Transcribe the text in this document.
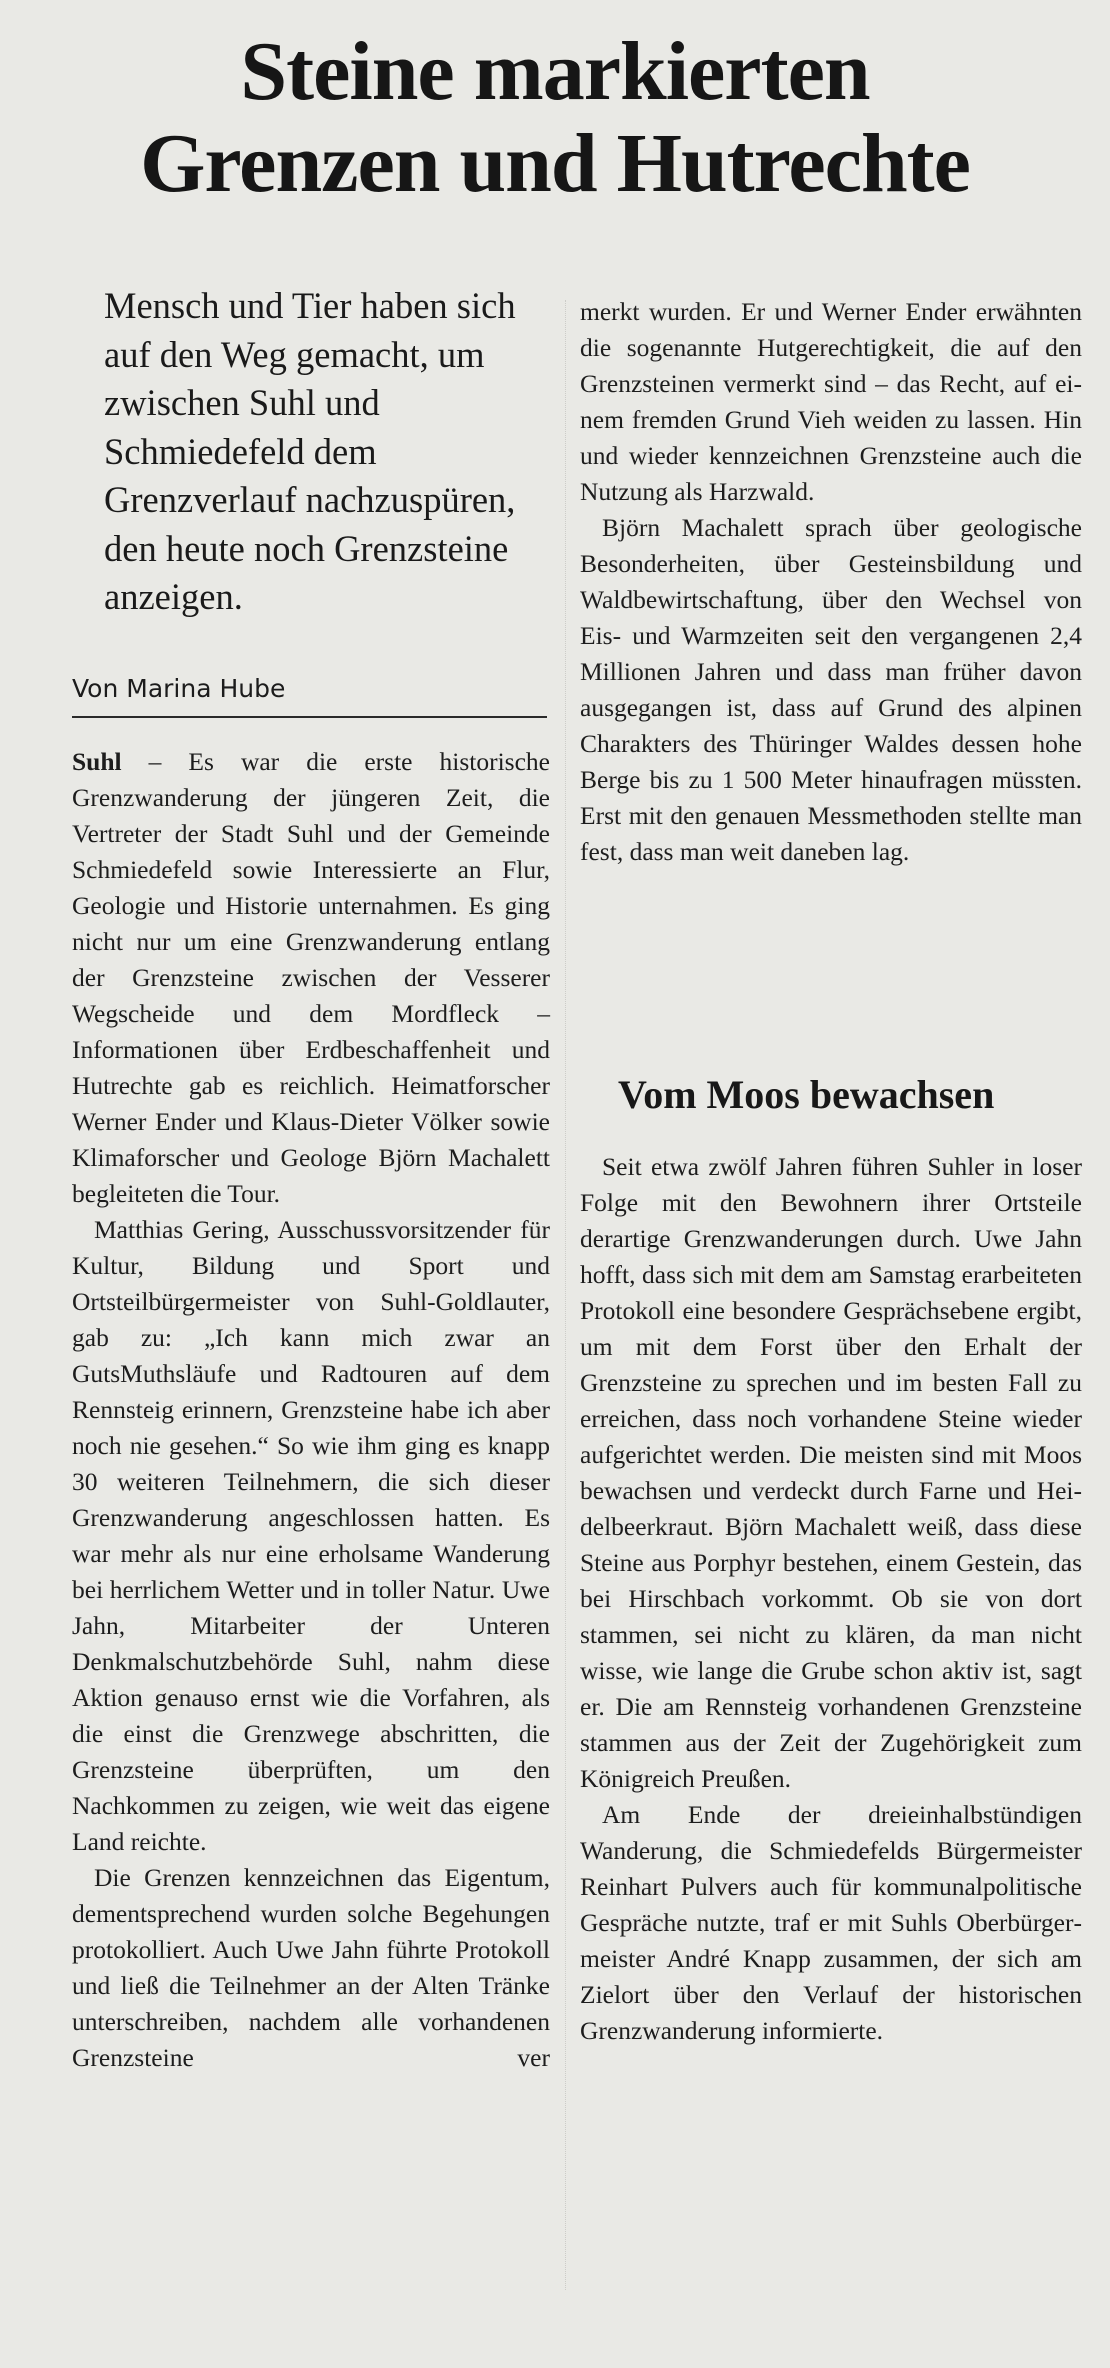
Steine markierten
Grenzen und Hutrechte

Mensch und Tier haben sich auf den Weg gemacht, um zwischen Suhl und Schmiedefeld dem Grenzverlauf nachzuspüren, den heute noch Grenzsteine anzeigen.

Von Marina Hube

Suhl – Es war die erste historische Grenzwanderung der jüngeren Zeit, die Vertreter der Stadt Suhl und der Gemeinde Schmiedefeld sowie Interessierte an Flur, Geologie und Historie unternahmen. Es ging nicht nur um eine Grenzwanderung entlang der Grenzsteine zwischen der Vesserer Wegscheide und dem Mordfleck – Informationen über Erdbeschaffenheit und Hutrechte gab es reichlich. Heimatforscher Werner Ender und Klaus-Dieter Völker sowie Klimaforscher und Geologe Björn Machalett begleiteten die Tour.

Matthias Gering, Ausschussvorsitzender für Kultur, Bildung und Sport und Ortsteilbürgermeister von Suhl-Goldlauter, gab zu: „Ich kann mich zwar an GutsMuthsläufe und Radtouren auf dem Rennsteig erinnern, Grenzsteine habe ich aber noch nie gesehen.“ So wie ihm ging es knapp 30 weiteren Teilnehmern, die sich dieser Grenzwanderung angeschlossen hatten. Es war mehr als nur eine erholsame Wanderung bei herrlichem Wetter und in toller Natur. Uwe Jahn, Mitarbeiter der Unteren Denkmalschutzbehörde Suhl, nahm diese Aktion genauso ernst wie die Vorfahren, als die einst die Grenzwege abschritten, die Grenzsteine überprüften, um den Nachkommen zu zeigen, wie weit das eigene Land reichte.

Die Grenzen kennzeichnen das Eigentum, dementsprechend wurden solche Begehungen protokolliert. Auch Uwe Jahn führte Protokoll und ließ die Teilnehmer an der Alten Tränke unterschreiben, nachdem alle vorhandenen Grenzsteine ver

merkt wurden. Er und Werner Ender erwähnten die sogenannte Hutgerechtigkeit, die auf den Grenzsteinen vermerkt sind – das Recht, auf einem fremden Grund Vieh weiden zu lassen. Hin und wieder kennzeichnen Grenzsteine auch die Nutzung als Harzwald.

Björn Machalett sprach über geologische Besonderheiten, über Gesteinsbildung und Waldbewirtschaftung, über den Wechsel von Eis- und Warmzeiten seit den vergangenen 2,4 Millionen Jahren und dass man früher davon ausgegangen ist, dass auf Grund des alpinen Charakters des Thüringer Waldes dessen hohe Berge bis zu 1 500 Meter hinaufragen müssten. Erst mit den genauen Messmethoden stellte man fest, dass man weit daneben lag.

Vom Moos bewachsen

Seit etwa zwölf Jahren führen Suhler in loser Folge mit den Bewohnern ihrer Ortsteile derartige Grenzwanderungen durch. Uwe Jahn hofft, dass sich mit dem am Samstag erarbeiteten Protokoll eine besondere Gesprächsebene ergibt, um mit dem Forst über den Erhalt der Grenzsteine zu sprechen und im besten Fall zu erreichen, dass noch vorhandene Steine wieder aufgerichtet werden. Die meisten sind mit Moos bewachsen und verdeckt durch Farne und Heidelbeerkraut. Björn Machalett weiß, dass diese Steine aus Porphyr bestehen, einem Gestein, das bei Hirschbach vorkommt. Ob sie von dort stammen, sei nicht zu klären, da man nicht wisse, wie lange die Grube schon aktiv ist, sagt er. Die am Rennsteig vorhandenen Grenzsteine stammen aus der Zeit der Zugehörigkeit zum Königreich Preußen.

Am Ende der dreieinhalbstündigen Wanderung, die Schmiedefelds Bürgermeister Reinhart Pulvers auch für kommunalpolitische Gespräche nutzte, traf er mit Suhls Oberbürgermeister André Knapp zusammen, der sich am Zielort über den Verlauf der historischen Grenzwanderung informierte.
